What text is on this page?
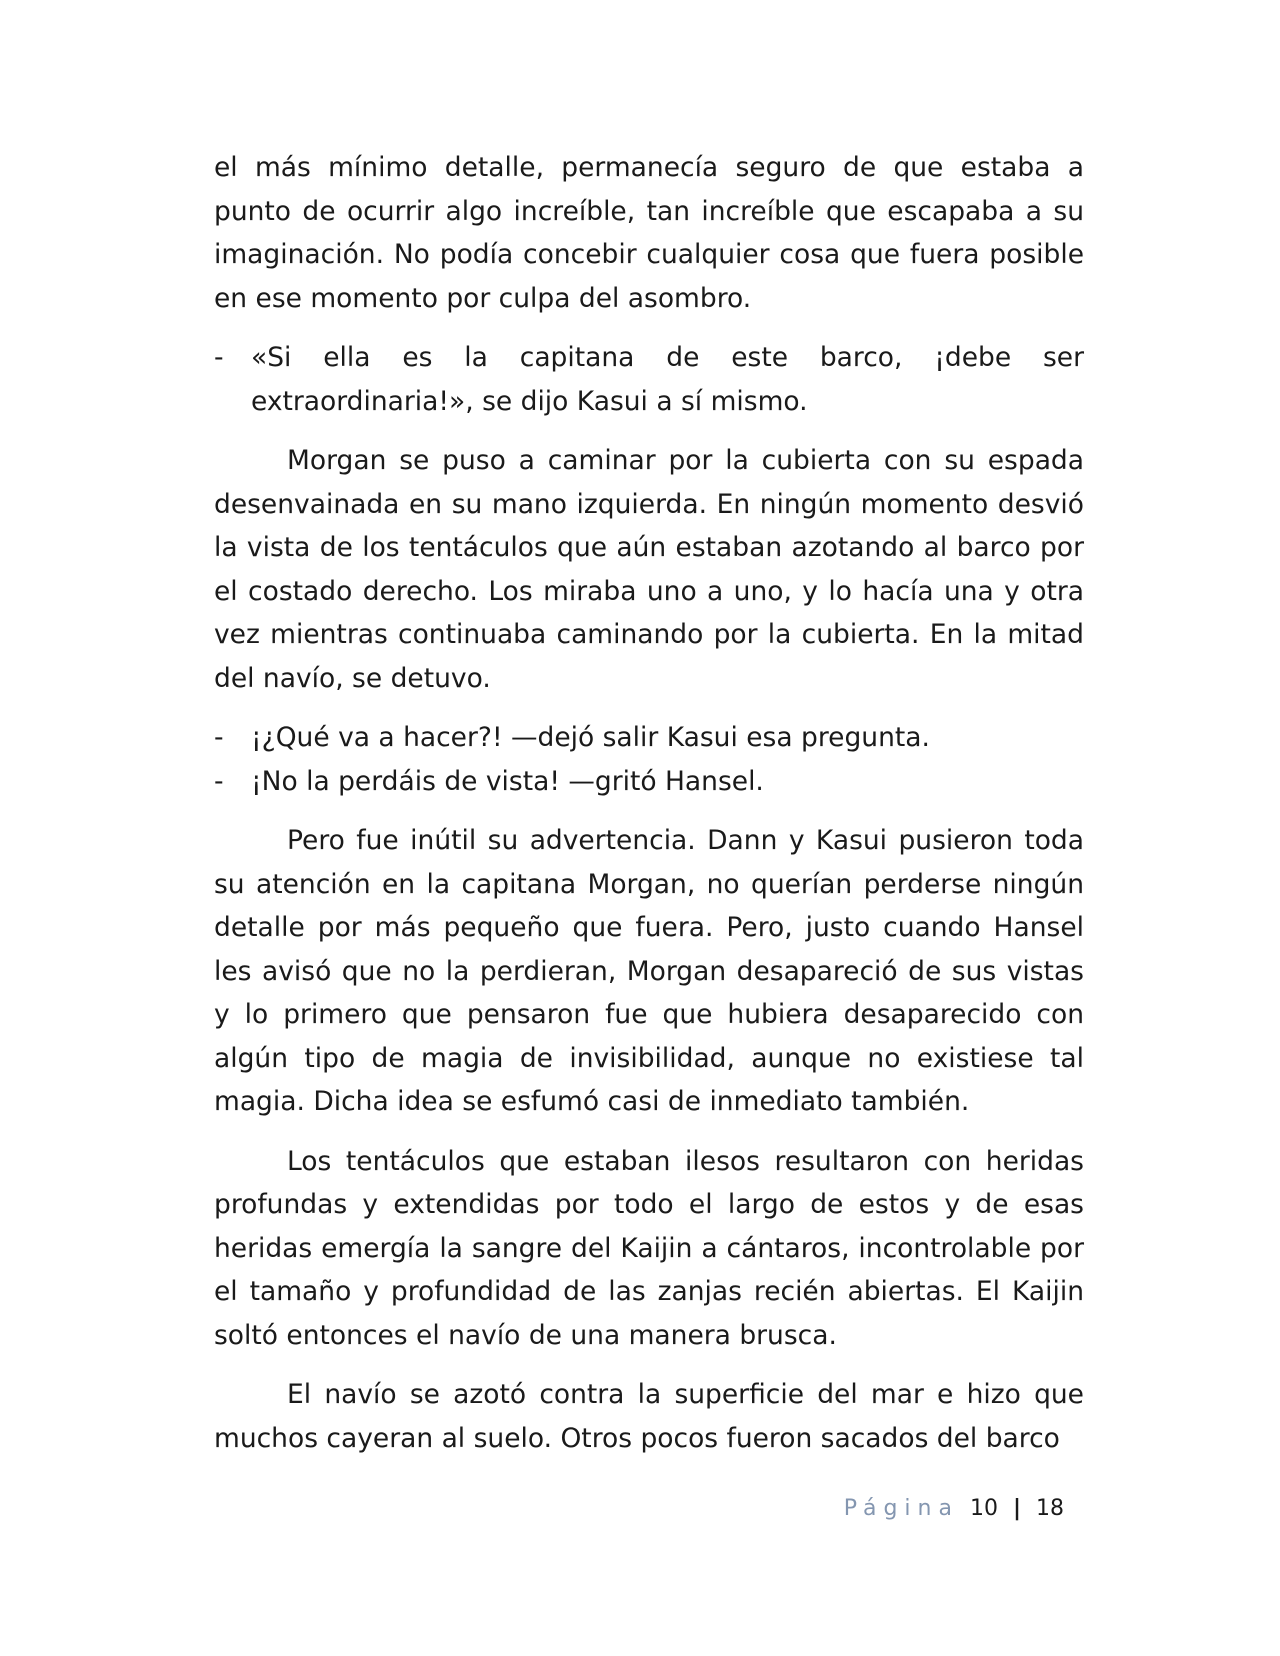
el más mínimo detalle, permanecía seguro de que estaba a punto de ocurrir algo increíble, tan increíble que escapaba a su imaginación. No podía concebir cualquier cosa que fuera posible en ese momento por culpa del asombro.

-	«Si ella es la capitana de este barco, ¡debe ser extraordinaria!», se dijo Kasui a sí mismo.

Morgan se puso a caminar por la cubierta con su espada desenvainada en su mano izquierda. En ningún momento desvió la vista de los tentáculos que aún estaban azotando al barco por el costado derecho. Los miraba uno a uno, y lo hacía una y otra vez mientras continuaba caminando por la cubierta. En la mitad del navío, se detuvo.

-	¡¿Qué va a hacer?! —dejó salir Kasui esa pregunta.
-	¡No la perdáis de vista! —gritó Hansel.

Pero fue inútil su advertencia. Dann y Kasui pusieron toda su atención en la capitana Morgan, no querían perderse ningún detalle por más pequeño que fuera. Pero, justo cuando Hansel les avisó que no la perdieran, Morgan desapareció de sus vistas y lo primero que pensaron fue que hubiera desaparecido con algún tipo de magia de invisibilidad, aunque no existiese tal magia. Dicha idea se esfumó casi de inmediato también.

Los tentáculos que estaban ilesos resultaron con heridas profundas y extendidas por todo el largo de estos y de esas heridas emergía la sangre del Kaijin a cántaros, incontrolable por el tamaño y profundidad de las zanjas recién abiertas. El Kaijin soltó entonces el navío de una manera brusca.

El navío se azotó contra la superficie del mar e hizo que muchos cayeran al suelo. Otros pocos fueron sacados del barco

Página 10 | 18
